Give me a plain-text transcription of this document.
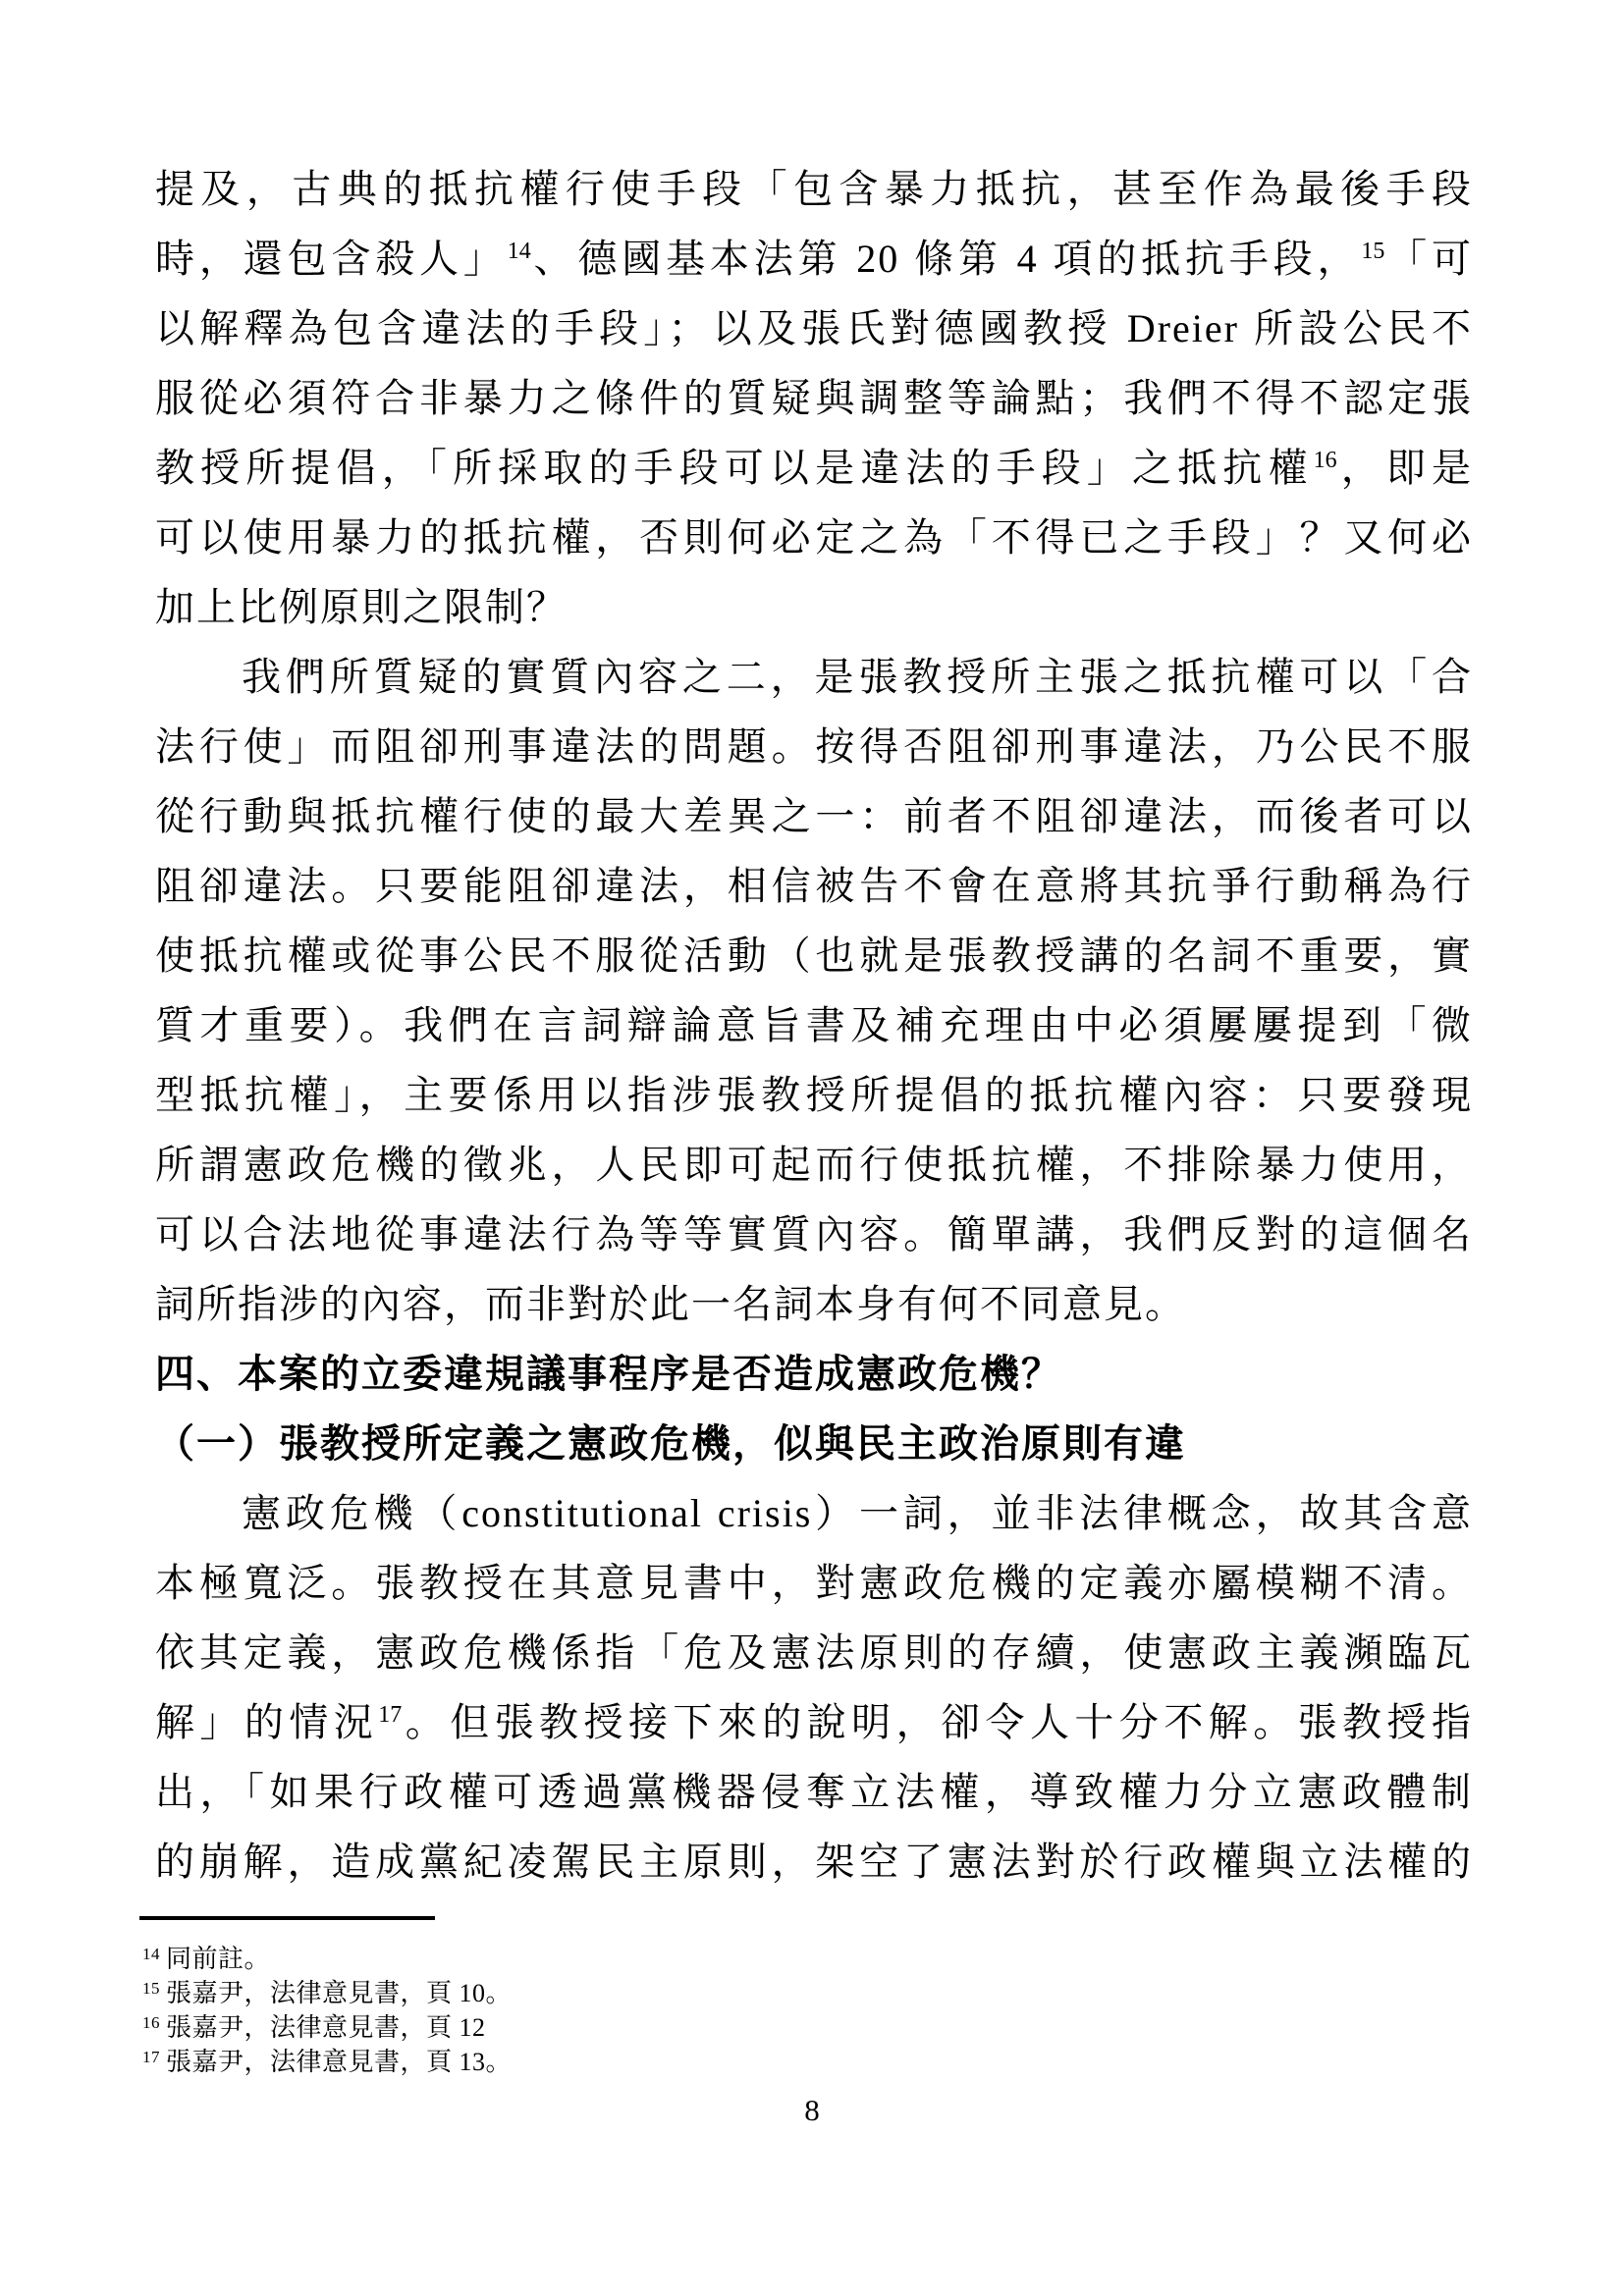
提及，古典的抵抗權行使手段「包含暴力抵抗，甚至作為最後手段
時，還包含殺人」$^{14}$、德國基本法第 20 條第 4 項的抵抗手段，$^{15}$「可
以解釋為包含違法的手段」；以及張氏對德國教授 Dreier 所設公民不
服從必須符合非暴力之條件的質疑與調整等論點；我們不得不認定張
教授所提倡，「所採取的手段可以是違法的手段」之抵抗權$^{16}$，即是
可以使用暴力的抵抗權，否則何必定之為「不得已之手段」？又何必
加上比例原則之限制？
我們所質疑的實質內容之二，是張教授所主張之抵抗權可以「合
法行使」而阻卻刑事違法的問題。按得否阻卻刑事違法，乃公民不服
從行動與抵抗權行使的最大差異之一：前者不阻卻違法，而後者可以
阻卻違法。只要能阻卻違法，相信被告不會在意將其抗爭行動稱為行
使抵抗權或從事公民不服從活動（也就是張教授講的名詞不重要，實
質才重要）。我們在言詞辯論意旨書及補充理由中必須屢屢提到「微
型抵抗權」，主要係用以指涉張教授所提倡的抵抗權內容：只要發現
所謂憲政危機的徵兆，人民即可起而行使抵抗權，不排除暴力使用，
可以合法地從事違法行為等等實質內容。簡單講，我們反對的這個名
詞所指涉的內容，而非對於此一名詞本身有何不同意見。
四、本案的立委違規議事程序是否造成憲政危機？
（一）張教授所定義之憲政危機，似與民主政治原則有違
憲政危機（constitutional crisis）一詞，並非法律概念，故其含意
本極寬泛。張教授在其意見書中，對憲政危機的定義亦屬模糊不清。
依其定義，憲政危機係指「危及憲法原則的存續，使憲政主義瀕臨瓦
解」的情況$^{17}$。但張教授接下來的說明，卻令人十分不解。張教授指
出，「如果行政權可透過黨機器侵奪立法權，導致權力分立憲政體制
的崩解，造成黨紀凌駕民主原則，架空了憲法對於行政權與立法權的
$^{14}$ 同前註。
$^{15}$ 張嘉尹，法律意見書，頁 10。
$^{16}$ 張嘉尹，法律意見書，頁 12
$^{17}$ 張嘉尹，法律意見書，頁 13。
8
